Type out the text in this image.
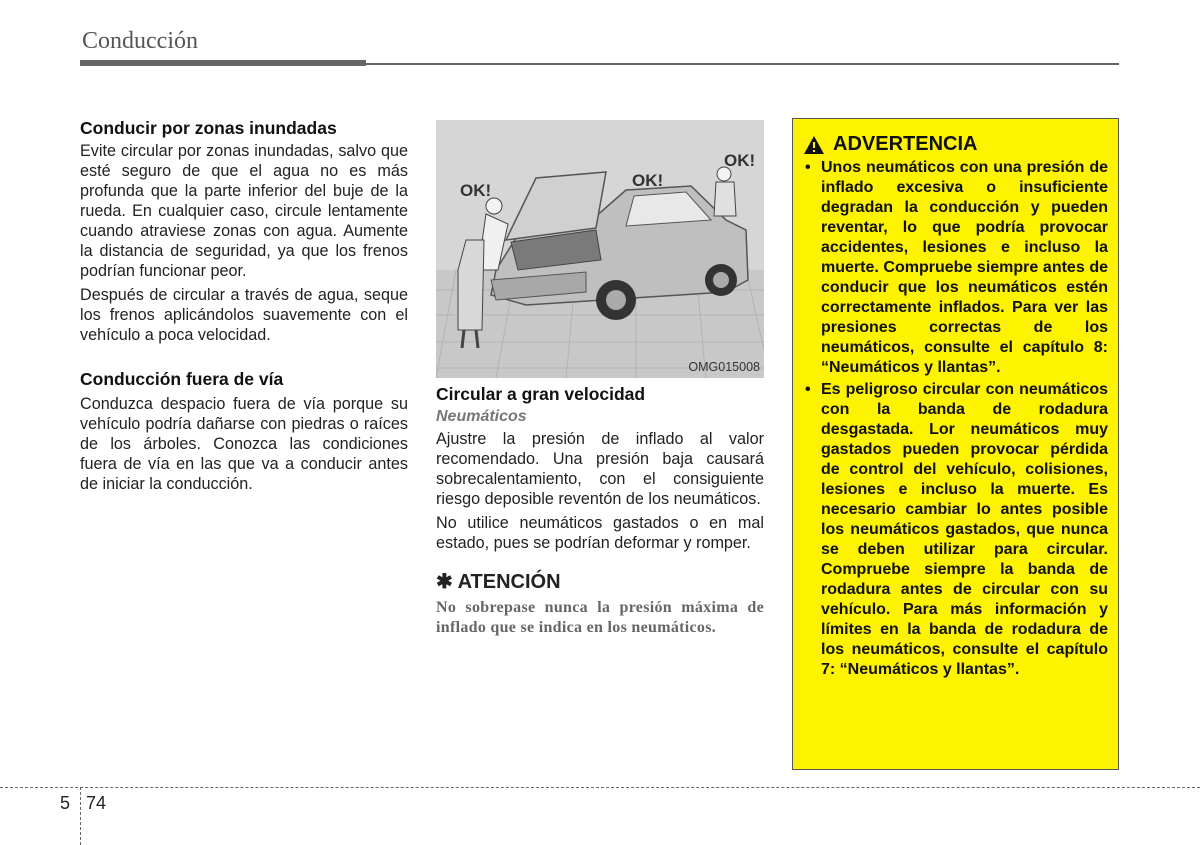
Conducción
Conducir por zonas inundadas

Evite circular por zonas inundadas, salvo que esté seguro de que el agua no es más profunda que la parte inferior del buje de la rueda. En cualquier caso, circule lentamente cuando atraviese zonas con agua. Aumente la distancia de seguridad, ya que los frenos podrían funcionar peor.

Después de circular a través de agua, seque los frenos aplicándolos suavemente con el vehículo a poca velocidad.

Conducción fuera de vía

Conduzca despacio fuera de vía porque su vehículo podría dañarse con piedras o raíces de los árboles. Conozca las condiciones fuera de vía en las que va a conducir antes de iniciar la conducción.

OK!
OK!
OK!
OMG015008
Circular a gran velocidad
Neumáticos

Ajustre la presión de inflado al valor recomendado. Una presión baja causará sobrecalentamiento, con el consiguiente riesgo deposible reventón de los neumáticos.

No utilice neumáticos gastados o en mal estado, pues se podrían deformar y romper.

✱ ATENCIÓN

No sobrepase nunca la presión máxima de inflado que se indica en los neumáticos.

ADVERTENCIA
• Unos neumáticos con una presión de inflado excesiva o insuficiente degradan la conducción y pueden reventar, lo que podría provocar accidentes, lesiones e incluso la muerte. Compruebe siempre antes de conducir que los neumáticos estén correctamente inflados. Para ver las presiones correctas de los neumáticos, consulte el capítulo 8: “Neumáticos y llantas”.
• Es peligroso circular con neumáticos con la banda de rodadura desgastada. Lor neumáticos muy gastados pueden provocar pérdida de control del vehículo, colisiones, lesiones e incluso la muerte. Es necesario cambiar lo antes posible los neumáticos gastados, que nunca se deben utilizar para circular. Compruebe siempre la banda de rodadura antes de circular con su vehículo. Para más información y límites en la banda de rodadura de los neumáticos, consulte el capítulo 7: “Neumáticos y llantas”.
5 74
